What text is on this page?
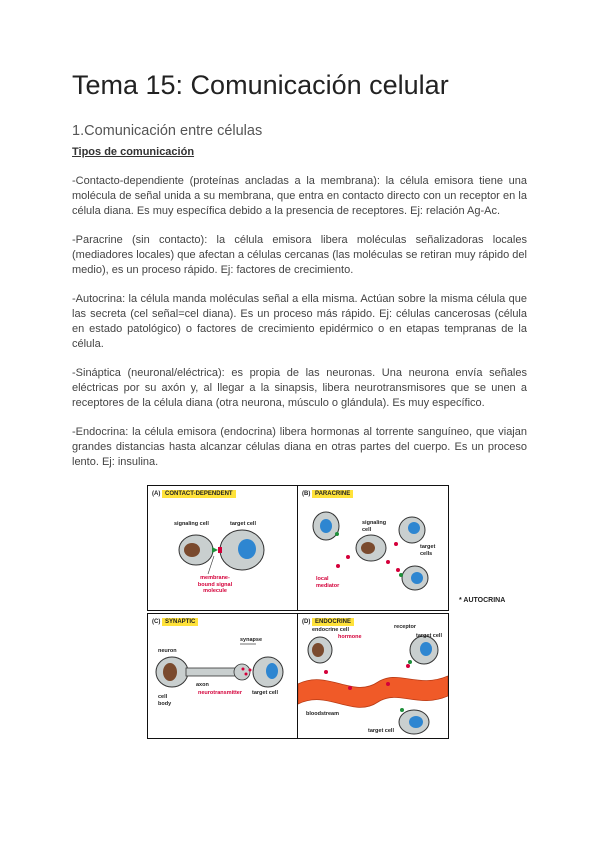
Tema 15: Comunicación celular
1.Comunicación entre células
Tipos de comunicación

-Contacto-dependiente (proteínas ancladas a la membrana): la célula emisora tiene una molécula de señal unida a su membrana, que entra en contacto directo con un receptor en la célula diana. Es muy específica debido a la presencia de receptores. Ej: relación Ag-Ac.

-Paracrine (sin contacto): la célula emisora libera moléculas señalizadoras locales (mediadores locales) que afectan a células cercanas (las moléculas se retiran muy rápido del medio), es un proceso rápido. Ej: factores de crecimiento.

-Autocrina: la célula manda moléculas señal a ella misma. Actúan sobre la misma célula que las secreta (cel señal=cel diana). Es un proceso más rápido. Ej: células cancerosas (célula en estado patológico) o factores de crecimiento epidérmico o en etapas tempranas de la célula.

-Sináptica (neuronal/eléctrica): es propia de las neuronas. Una neurona envía señales eléctricas por su axón y, al llegar a la sinapsis, libera neurotransmisores que se unen a receptores de la célula diana (otra neurona, músculo o glándula). Es muy específico.

-Endocrina: la célula emisora (endocrina) libera hormonas al torrente sanguíneo, que viajan grandes distancias hasta alcanzar células diana en otras partes del cuerpo. Es un proceso lento. Ej: insulina.

(A) CONTACT-DEPENDENT
signaling cell	target cell
membrane-bound signal molecule
(B) PARACRINE
signaling cell
target cells
local mediator
(C) SYNAPTIC
neuron
synapse
axon
cell body
neurotransmitter target cell
(D) ENDOCRINE
endocrine cell	receptor
target cell
hormone
bloodstream
target cell
* AUTOCRINA
